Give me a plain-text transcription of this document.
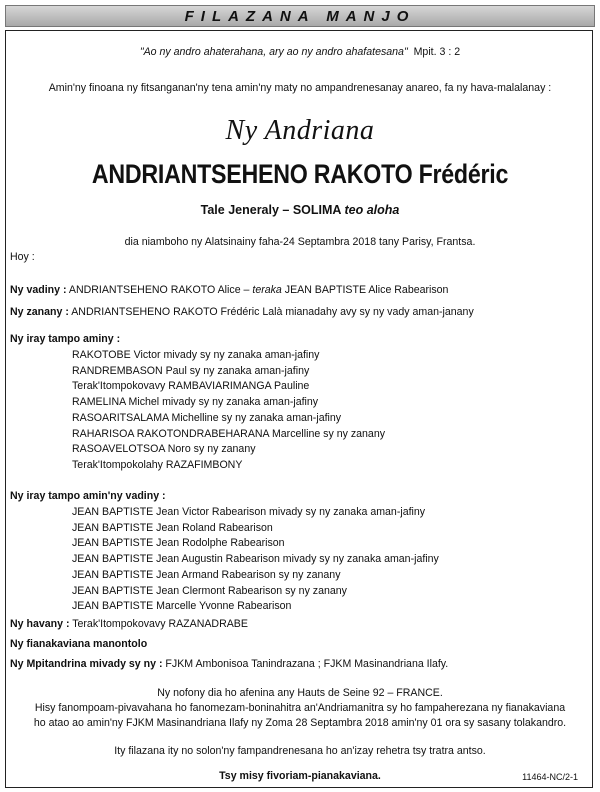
FILAZANA MANJO
"Ao ny andro ahaterahana, ary ao ny andro ahafatesana" Mpit. 3 : 2
Amin'ny finoana ny fitsanganan'ny tena amin'ny maty no ampandrenesanay anareo, fa ny hava-malalanay :
Ny Andriana
ANDRIANTSEHENO RAKOTO Frédéric
Tale Jeneraly – SOLIMA teo aloha
dia niamboho ny Alatsinainy faha-24 Septambra 2018 tany Parisy, Frantsa.
Hoy :
Ny vadiny : ANDRIANTSEHENO RAKOTO Alice – teraka JEAN BAPTISTE Alice Rabearison
Ny zanany : ANDRIANTSEHENO RAKOTO Frédéric Lalà mianadahy avy sy ny vady aman-janany
Ny iray tampo aminy :
RAKOTOBE Victor mivady sy ny zanaka aman-jafiny
RANDREMBASON Paul sy ny zanaka aman-jafiny
Terak'Itompokovavy RAMBAVIARIMANGA Pauline
RAMELINA Michel mivady sy ny zanaka aman-jafiny
RASOARITSALAMA Michelline sy ny zanaka aman-jafiny
RAHARISOA RAKOTONDRABEHARANA Marcelline sy ny zanany
RASOAVELOTSOA Noro sy ny zanany
Terak'Itompokolahy RAZAFIMBONY
Ny iray tampo amin'ny vadiny :
JEAN BAPTISTE Jean Victor Rabearison mivady sy ny zanaka aman-jafiny
JEAN BAPTISTE Jean Roland Rabearison
JEAN BAPTISTE Jean Rodolphe Rabearison
JEAN BAPTISTE Jean Augustin Rabearison mivady sy ny zanaka aman-jafiny
JEAN BAPTISTE Jean Armand Rabearison sy ny zanany
JEAN BAPTISTE Jean Clermont Rabearison sy ny zanany
JEAN BAPTISTE Marcelle Yvonne Rabearison
Ny havany : Terak'Itompokovavy RAZANADRABE
Ny fianakaviana manontolo
Ny Mpitandrina mivady sy ny : FJKM Ambonisoa Tanindrazana ; FJKM Masinandriana Ilafy.
Ny nofony dia ho afenina any Hauts de Seine 92 – FRANCE.
Hisy fanompoam-pivavahana ho fanomezam-boninahitra an'Andriamanitra sy ho fampaherezana ny fianakaviana
ho atao ao amin'ny FJKM Masinandriana Ilafy ny Zoma 28 Septambra 2018 amin'ny 01 ora sy sasany tolakandro.
Ity filazana ity no solon'ny fampandrenesana ho an'izay rehetra tsy tratra antso.
Tsy misy fivoriam-pianakaviana.	11464-NC/2-1
